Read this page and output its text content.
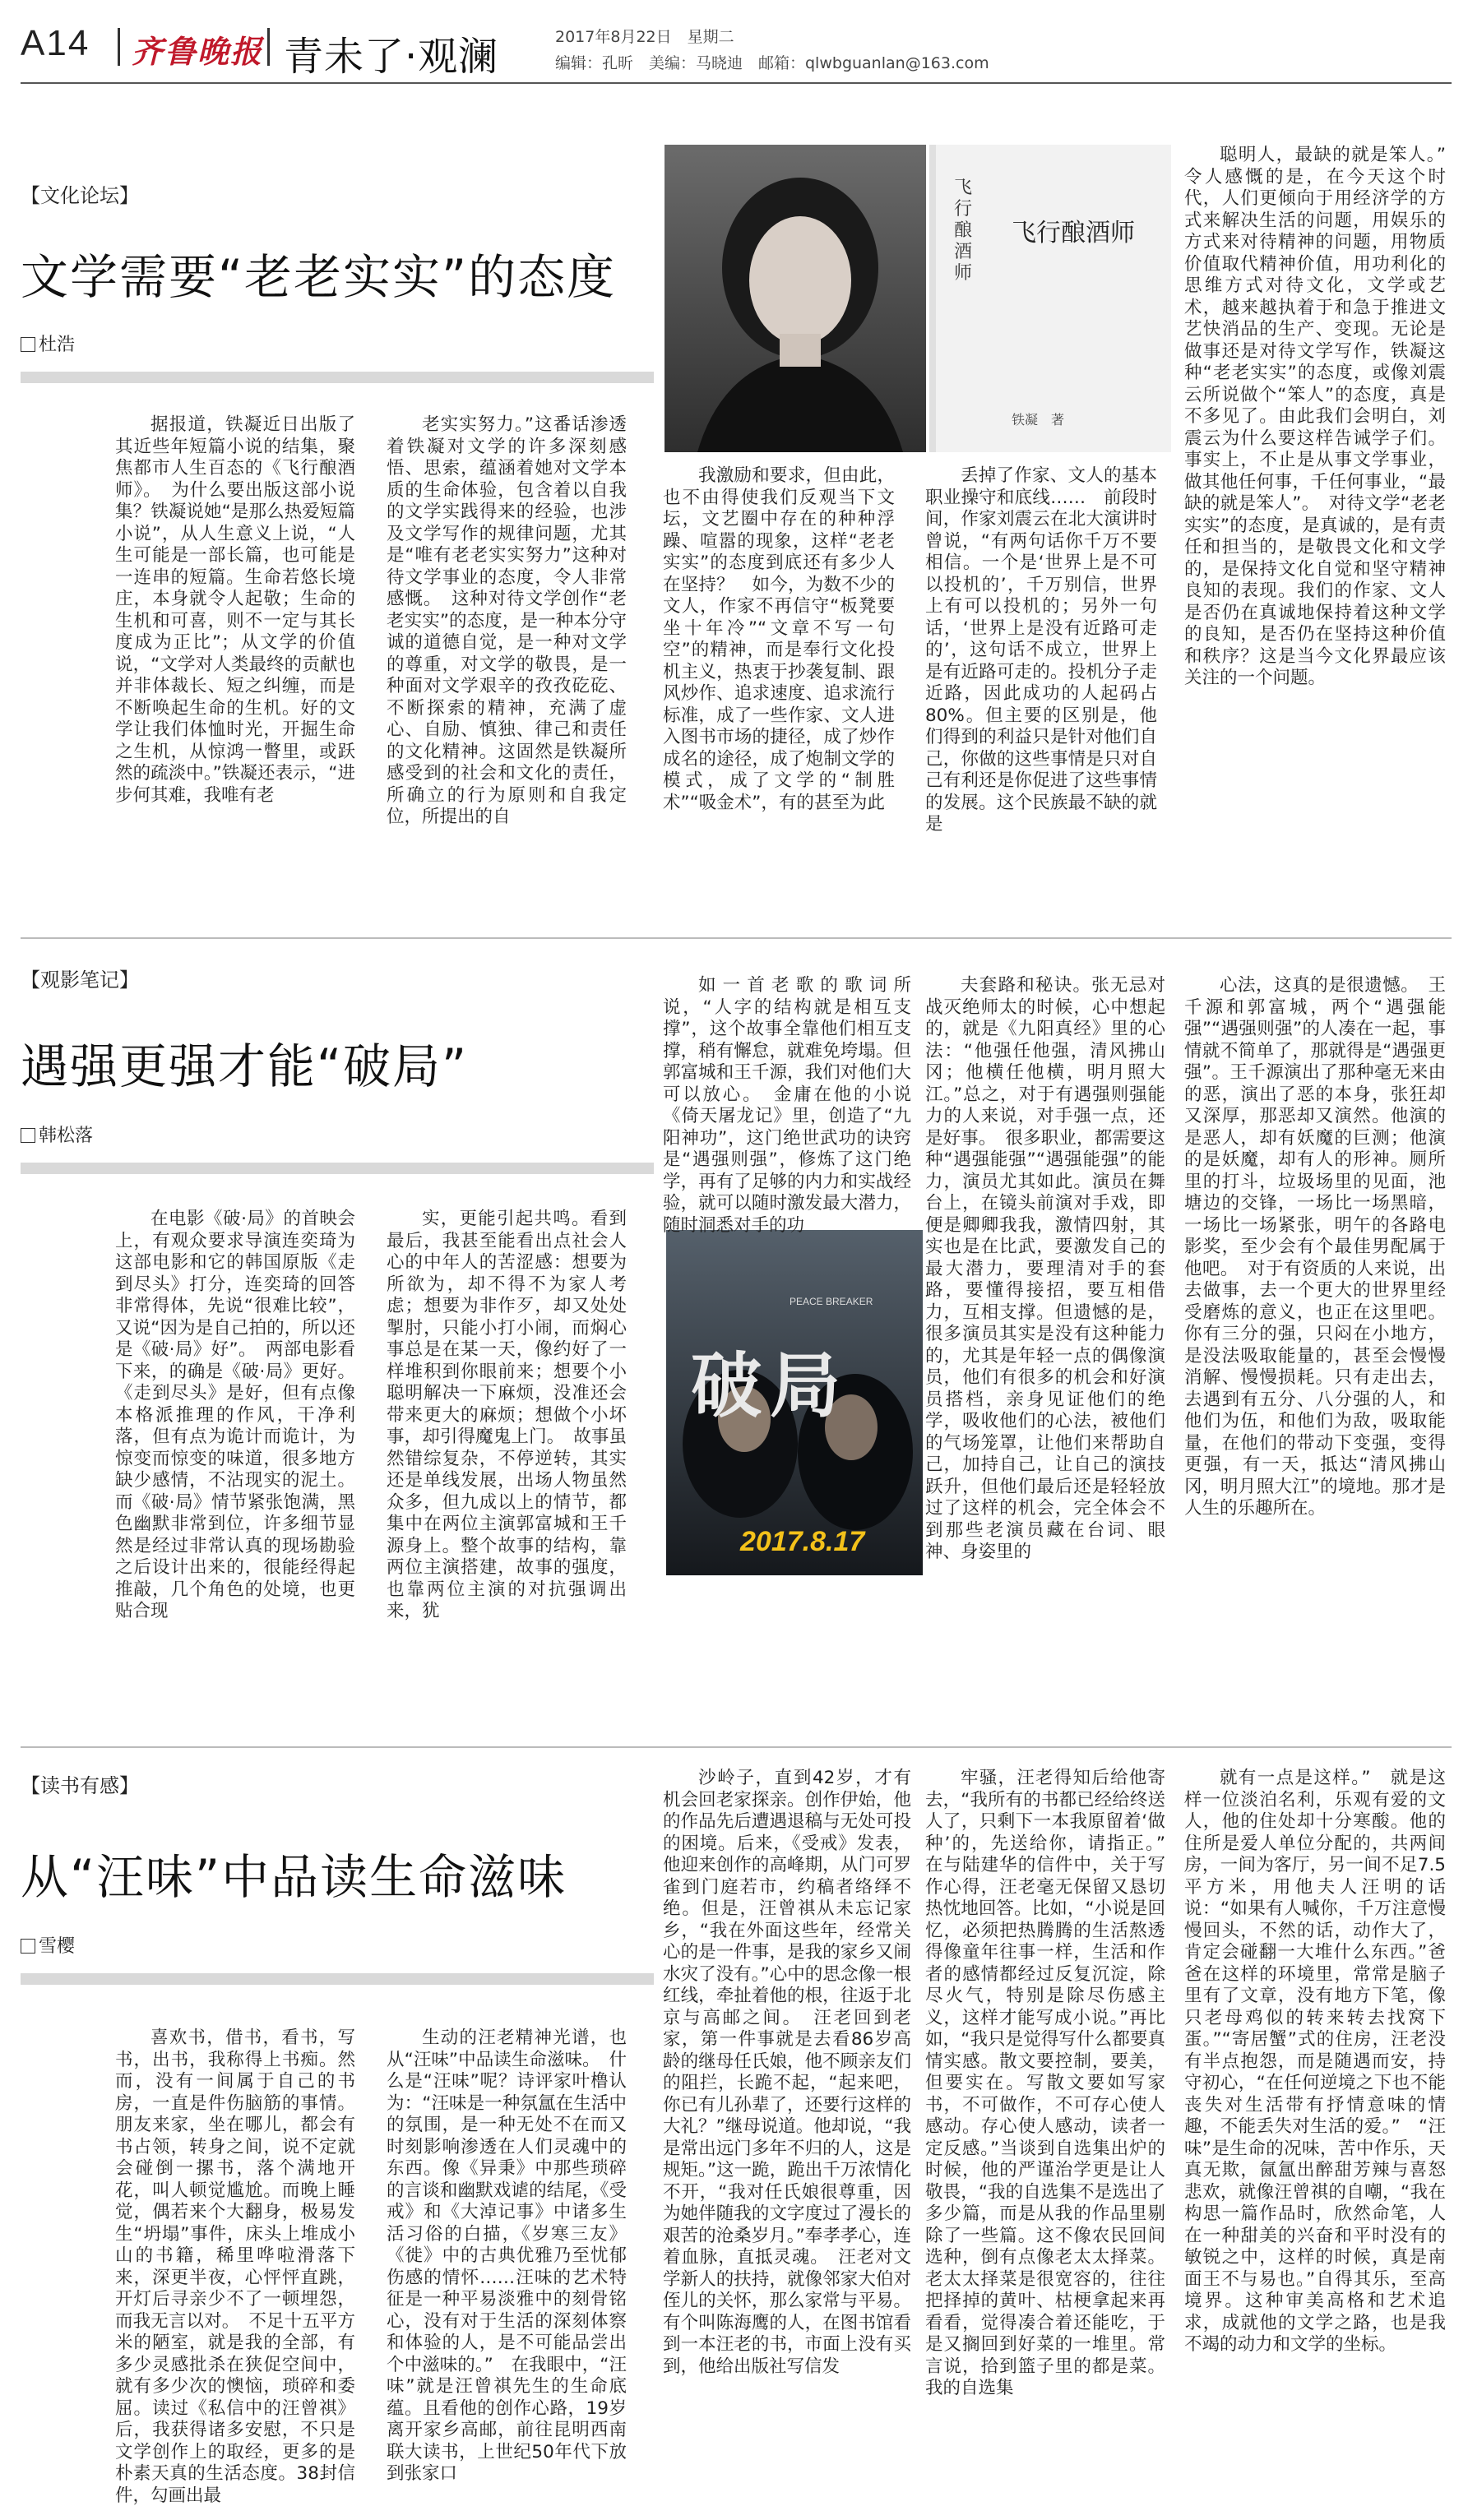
A14 齐鲁晚报 青未了·观澜	2017年8月22日　星期二
编辑：孔昕　美编：马晓迪　邮箱：qlwbguanlan@163.com
【文化论坛】
文学需要“老老实实”的态度
杜浩
飞行酿酒师
飞行酿酒师
铁凝　著

据报道，铁凝近日出版了其近些年短篇小说的结集，聚焦都市人生百态的《飞行酿酒师》。　为什么要出版这部小说集？铁凝说她“是那么热爱短篇小说”，从人生意义上说，“人生可能是一部长篇，也可能是一连串的短篇。生命若悠长境庄，本身就令人起敬；生命的生机和可喜，则不一定与其长度成为正比”；从文学的价值说，“文学对人类最终的贡献也并非体裁长、短之纠缠，而是不断唤起生命的生机。好的文学让我们体恤时光，开掘生命之生机，从惊鸿一瞥里，或跃然的疏淡中。”铁凝还表示，“进步何其难，我唯有老

老实实努力。”这番话渗透着铁凝对文学的许多深刻感悟、思索，蕴涵着她对文学本质的生命体验，包含着以自我的文学实践得来的经验，也涉及文学写作的规律问题，尤其是“唯有老老实实努力”这种对待文学事业的态度，令人非常感慨。　这种对待文学创作“老老实实”的态度，是一种本分守诚的道德自觉，是一种对文学的尊重，对文学的敬畏，是一种面对文学艰辛的孜孜矻矻、不断探索的精神，充满了虚心、自励、慎独、律己和责任的文化精神。这固然是铁凝所感受到的社会和文化的责任，所确立的行为原则和自我定位，所提出的自

我激励和要求，但由此，也不由得使我们反观当下文坛，文艺圈中存在的种种浮躁、喧嚣的现象，这样“老老实实”的态度到底还有多少人在坚持？　如今，为数不少的文人，作家不再信守“板凳要坐十年冷”“文章不写一句空”的精神，而是奉行文化投机主义，热衷于抄袭复制、跟风炒作、追求速度、追求流行标准，成了一些作家、文人进入图书市场的捷径，成了炒作成名的途径，成了炮制文学的模式，成了文学的“制胜术”“吸金术”，有的甚至为此

丢掉了作家、文人的基本职业操守和底线……　前段时间，作家刘震云在北大演讲时曾说，“有两句话你千万不要相信。一个是‘世界上是不可以投机的’，千万别信，世界上有可以投机的；另外一句话，‘世界上是没有近路可走的’，这句话不成立，世界上是有近路可走的。投机分子走近路，因此成功的人起码占80%。但主要的区别是，他们得到的利益只是针对他们自己，你做的这些事情是只对自己有利还是你促进了这些事情的发展。这个民族最不缺的就是

聪明人，最缺的就是笨人。”　令人感慨的是，在今天这个时代，人们更倾向于用经济学的方式来解决生活的问题，用娱乐的方式来对待精神的问题，用物质价值取代精神价值，用功利化的思维方式对待文化，文学或艺术，越来越执着于和急于推进文艺快消品的生产、变现。无论是做事还是对待文学写作，铁凝这种“老老实实”的态度，或像刘震云所说做个“笨人”的态度，真是不多见了。由此我们会明白，刘震云为什么要这样告诫学子们。事实上，不止是从事文学事业，做其他任何事，千任何事业，“最缺的就是笨人”。　对待文学“老老实实”的态度，是真诚的，是有责任和担当的，是敬畏文化和文学的，是保持文化自觉和坚守精神良知的表现。我们的作家、文人是否仍在真诚地保持着这种文学的良知，是否仍在坚持这种价值和秩序？这是当今文化界最应该关注的一个问题。

【观影笔记】
遇强更强才能“破局”
韩松落
破局
PEACE BREAKER
2017.8.17

在电影《破·局》的首映会上，有观众要求导演连奕琦为这部电影和它的韩国原版《走到尽头》打分，连奕琦的回答非常得体，先说“很难比较”，又说“因为是自己拍的，所以还是《破·局》好”。　两部电影看下来，的确是《破·局》更好。《走到尽头》是好，但有点像本格派推理的作风，干净利落，但有点为诡计而诡计，为惊变而惊变的味道，很多地方缺少感情，不沾现实的泥土。而《破·局》情节紧张饱满，黑色幽默非常到位，许多细节显然是经过非常认真的现场勘验之后设计出来的，很能经得起推敲，几个角色的处境，也更贴合现

实，更能引起共鸣。看到最后，我甚至能看出点社会人心的中年人的苦涩感：想要为所欲为，却不得不为家人考虑；想要为非作歹，却又处处掣肘，只能小打小闹，而焖心事总是在某一天，像约好了一样堆积到你眼前来；想要个小聪明解决一下麻烦，没准还会带来更大的麻烦；想做个小坏事，却引得魔鬼上门。　故事虽然错综复杂，不停逆转，其实还是单线发展，出场人物虽然众多，但九成以上的情节，都集中在两位主演郭富城和王千源身上。整个故事的结构，靠两位主演搭建，故事的强度，也靠两位主演的对抗强调出来，犹

如一首老歌的歌词所说，“人字的结构就是相互支撑”，这个故事全靠他们相互支撑，稍有懈怠，就难免垮塌。但郭富城和王千源，我们对他们大可以放心。　金庸在他的小说《倚天屠龙记》里，创造了“九阳神功”，这门绝世武功的诀窍是“遇强则强”，修炼了这门绝学，再有了足够的内力和实战经验，就可以随时激发最大潜力，随时洞悉对手的功

夫套路和秘诀。张无忌对战灭绝师太的时候，心中想起的，就是《九阳真经》里的心法：“他强任他强，清风拂山冈；他横任他横，明月照大江。”总之，对于有遇强则强能力的人来说，对手强一点，还是好事。　很多职业，都需要这种“遇强能强”“遇强能强”的能力，演员尤其如此。演员在舞台上，在镜头前演对手戏，即便是卿卿我我，激情四射，其实也是在比武，要激发自己的最大潜力，要理清对手的套路，要懂得接招，要互相借力，互相支撑。但遗憾的是，很多演员其实是没有这种能力的，尤其是年轻一点的偶像演员，他们有很多的机会和好演员搭档，亲身见证他们的绝学，吸收他们的心法，被他们的气场笼罩，让他们来帮助自己，加持自己，让自己的演技跃升，但他们最后还是轻轻放过了这样的机会，完全体会不到那些老演员藏在台词、眼神、身姿里的

心法，这真的是很遗憾。　王千源和郭富城，两个“遇强能强”“遇强则强”的人凑在一起，事情就不简单了，那就得是“遇强更强”。王千源演出了那种毫无来由的恶，演出了恶的本身，张狂却又深厚，那恶却又演然。他演的是恶人，却有妖魔的巨测；他演的是妖魔，却有人的形神。厕所里的打斗，垃圾场里的见面，池塘边的交锋，一场比一场黑暗，一场比一场紧张，明午的各路电影奖，至少会有个最佳男配属于他吧。　对于有资质的人来说，出去做事，去一个更大的世界里经受磨炼的意义，也正在这里吧。你有三分的强，只闷在小地方，是没法吸取能量的，甚至会慢慢消解、慢慢损耗。只有走出去，去遇到有五分、八分强的人，和他们为伍，和他们为敌，吸取能量，在他们的带动下变强，变得更强，有一天，抵达“清风拂山冈，明月照大江”的境地。那才是人生的乐趣所在。

【读书有感】
从“汪味”中品读生命滋味
雪樱

喜欢书，借书，看书，写书，出书，我称得上书痴。然而，没有一间属于自己的书房，一直是件伤脑筋的事情。朋友来家，坐在哪儿，都会有书占领，转身之间，说不定就会碰倒一摞书，落个满地开花，叫人顿觉尴尬。而晚上睡觉，偶若来个大翻身，极易发生“坍塌”事件，床头上堆成小山的书籍，稀里哗啦滑落下来，深更半夜，心怦怦直跳，开灯后寻亲少不了一顿埋怨，而我无言以对。　不足十五平方米的陋室，就是我的全部，有多少灵感批杀在狭促空间中，就有多少次的懊恼，琐碎和委屈。读过《私信中的汪曾祺》后，我获得诸多安慰，不只是文学创作上的取经，更多的是朴素天真的生活态度。38封信件，勾画出最

生动的汪老精神光谱，也从“汪味”中品读生命滋味。　什么是“汪味”呢？诗评家叶橹认为：“汪味是一种氛氲在生活中的氛围，是一种无处不在而又时刻影响渗透在人们灵魂中的东西。像《异秉》中那些琐碎的言谈和幽默戏谑的结尾，《受戒》和《大淖记事》中诸多生活习俗的白描，《岁寒三友》《徙》中的古典优雅乃至忧郁伤感的情怀……汪味的艺术特征是一种平易淡雅中的刻骨铭心，没有对于生活的深刻体察和体验的人，是不可能品尝出个中滋味的。”　在我眼中，“汪味”就是汪曾祺先生的生命底蕴。且看他的创作心路，19岁离开家乡高邮，前往昆明西南联大读书，上世纪50年代下放到张家口

沙岭子，直到42岁，才有机会回老家探亲。创作伊始，他的作品先后遭遇退稿与无处可投的困境。后来，《受戒》发表，他迎来创作的高峰期，从门可罗雀到门庭若市，约稿者络绎不绝。但是，汪曾祺从未忘记家乡，“我在外面这些年，经常关心的是一件事，是我的家乡又闹水灾了没有。”心中的思念像一根红线，牵扯着他的根，往返于北京与高邮之间。　汪老回到老家，第一件事就是去看86岁高龄的继母任氏娘，他不顾亲友们的阻拦，长跪不起，“起来吧，你已有儿孙辈了，还要行这样的大礼？”继母说道。他却说，“我是常出远门多年不归的人，这是规矩。”这一跪，跪出千万浓情化不开，“我对任氏娘很尊重，因为她伴随我的文字度过了漫长的艰苦的沧桑岁月。”奉孝孝心，连着血脉，直抵灵魂。　汪老对文学新人的扶持，就像邻家大伯对侄儿的关怀，那么家常与平易。有个叫陈海鹰的人，在图书馆看到一本汪老的书，市面上没有买到，他给出版社写信发

牢骚，汪老得知后给他寄去，“我所有的书都已经给终送人了，只剩下一本我原留着‘做种’的，先送给你，请指正。”　在与陆建华的信件中，关于写作心得，汪老毫无保留又恳切热忱地回答。比如，“小说是回忆，必须把热腾腾的生活熬透得像童年往事一样，生活和作者的感情都经过反复沉淀，除尽火气，特别是除尽伤感主义，这样才能写成小说。”再比如，“我只是觉得写什么都要真情实感。散文要控制，要美，但要实在。写散文要如写家书，不可做作，不可存心使人感动。存心使人感动，读者一定反感。”当谈到自选集出炉的时候，他的严谨治学更是让人敬畏，“我的自选集不是选出了多少篇，而是从我的作品里剔除了一些篇。这不像农民回间选种，倒有点像老太太择菜。老太太择菜是很宽容的，往往把择掉的黄叶、枯梗拿起来再看看，觉得凑合着还能吃，于是又搁回到好菜的一堆里。常言说，拾到篮子里的都是菜。我的自选集

就有一点是这样。”　就是这样一位淡泊名利，乐观有爱的文人，他的住处却十分寒酸。他的住所是爱人单位分配的，共两间房，一间为客厅，另一间不足7.5平方米，用他夫人汪明的话说：“如果有人喊你，千万注意慢慢回头，不然的话，动作大了，肯定会碰翻一大堆什么东西。”爸爸在这样的环境里，常常是脑子里有了文章，没有地方下笔，像只老母鸡似的转来转去找窝下蛋。”“寄居蟹”式的住房，汪老没有半点抱怨，而是随遇而安，持守初心，“在任何逆境之下也不能丧失对生活带有抒情意味的情趣，不能丢失对生活的爱。”　“汪味”是生命的况味，苦中作乐，天真无欺，氤氲出醉甜芳辣与喜怒悲欢，就像汪曾祺的自嘲，“我在构思一篇作品时，欣然命笔，人在一种甜美的兴奋和平时没有的敏锐之中，这样的时候，真是南面王不与易也。”自得其乐，至高境界。这种审美高格和艺术追求，成就他的文学之路，也是我不竭的动力和文学的坐标。
